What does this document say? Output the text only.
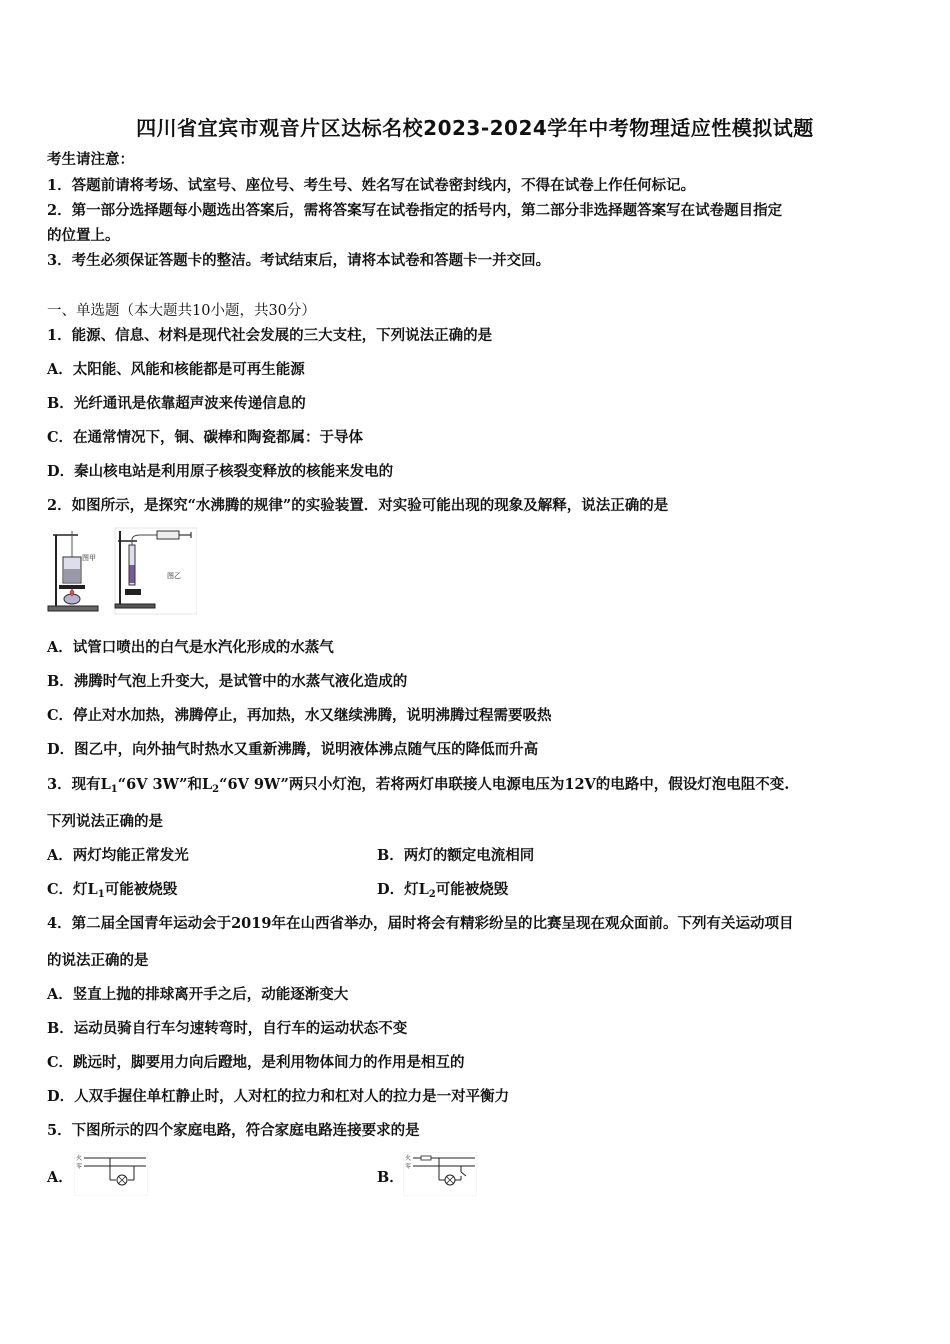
四川省宜宾市观音片区达标名校2023-2024学年中考物理适应性模拟试题
考生请注意：
1．答题前请将考场、试室号、座位号、考生号、姓名写在试卷密封线内，不得在试卷上作任何标记。
2．第一部分选择题每小题选出答案后，需将答案写在试卷指定的括号内，第二部分非选择题答案写在试卷题目指定
的位置上。
3．考生必须保证答题卡的整洁。考试结束后，请将本试卷和答题卡一并交回。
一、单选题（本大题共10小题，共30分）
1．能源、信息、材料是现代社会发展的三大支柱，下列说法正确的是
A．太阳能、风能和核能都是可再生能源
B．光纤通讯是依靠超声波来传递信息的
C．在通常情况下，铜、碳棒和陶瓷都属：于导体
D．秦山核电站是利用原子核裂变释放的核能来发电的
2．如图所示，是探究“水沸腾的规律”的实验装置．对实验可能出现的现象及解释，说法正确的是
图甲
图乙
A．试管口喷出的白气是水汽化形成的水蒸气
B．沸腾时气泡上升变大，是试管中的水蒸气液化造成的
C．停止对水加热，沸腾停止，再加热，水又继续沸腾，说明沸腾过程需要吸热
D．图乙中，向外抽气时热水又重新沸腾，说明液体沸点随气压的降低而升高
3．现有$L_1“6V$ 3W”和$L_2“6V$ 9W”两只小灯泡，若将两灯串联接人电源电压为12V的电路中，假设灯泡电阻不变.
下列说法正确的是
A．两灯均能正常发光	B．两灯的额定电流相同
C．灯$L_1$可能被烧毁	D．灯$L_2$可能被烧毁
4．第二届全国青年运动会于2019年在山西省举办，届时将会有精彩纷呈的比赛呈现在观众面前。下列有关运动项目
的说法正确的是
A．竖直上抛的排球离开手之后，动能逐渐变大
B．运动员骑自行车匀速转弯时，自行车的运动状态不变
C．跳远时，脚要用力向后蹬地，是利用物体间力的作用是相互的
D．人双手握住单杠静止时，人对杠的拉力和杠对人的拉力是一对平衡力
5．下图所示的四个家庭电路，符合家庭电路连接要求的是
A．
火
零
B．
火
零
